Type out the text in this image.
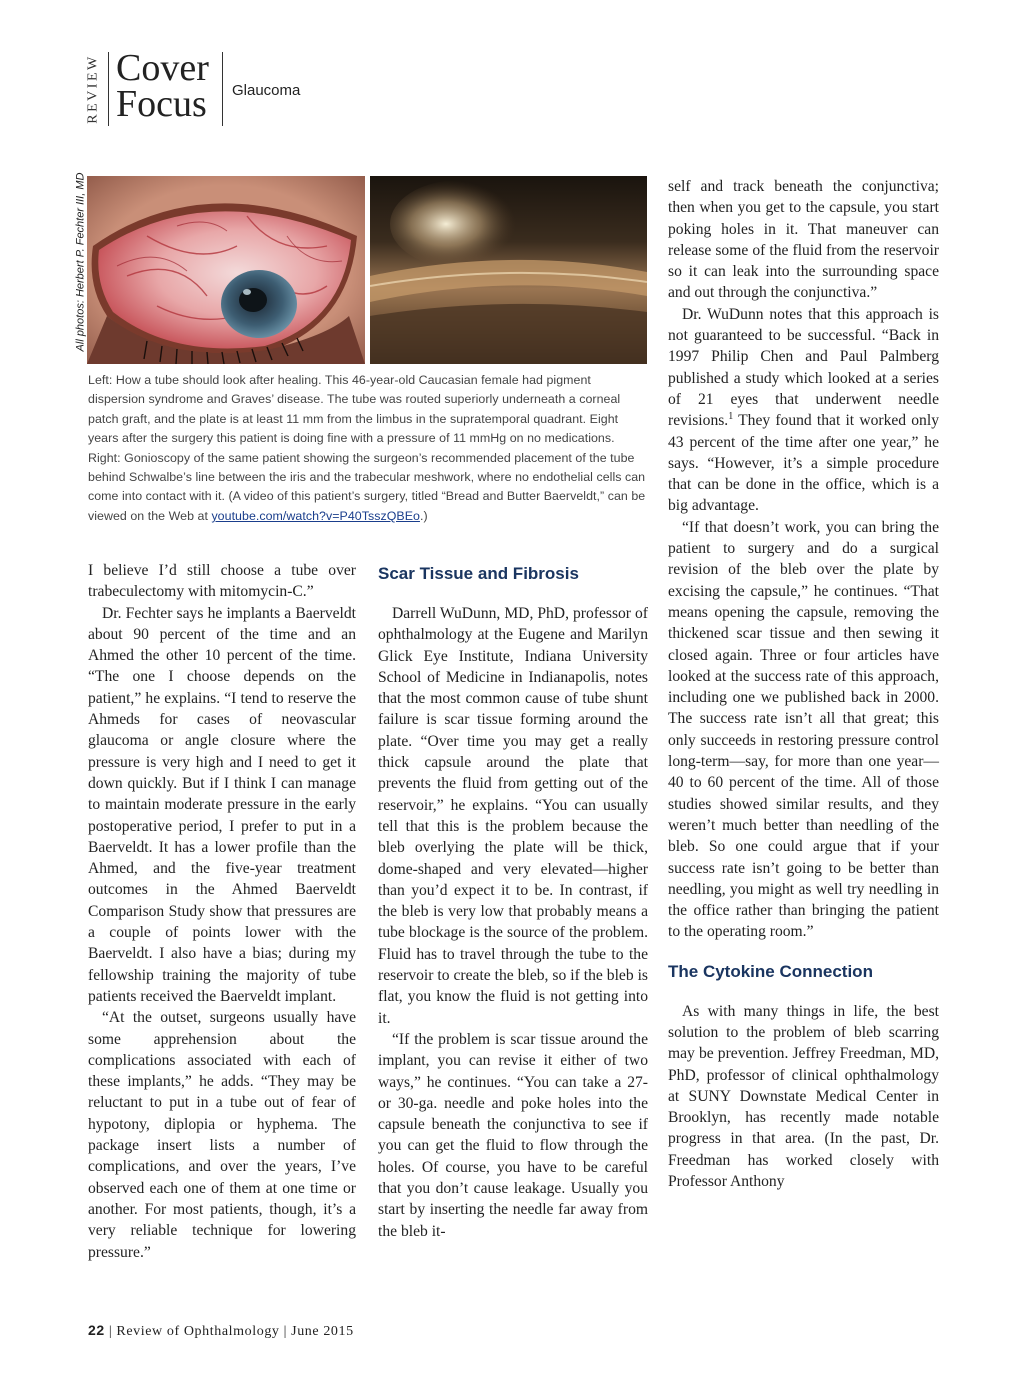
REVIEW Cover
Focus Glaucoma
All photos: Herbert P. Fechter III, MD
Left: How a tube should look after healing. This 46-year-old Caucasian female had pigment dispersion syndrome and Graves’ disease. The tube was routed superiorly underneath a corneal patch graft, and the plate is at least 11 mm from the limbus in the supratemporal quadrant. Eight years after the surgery this patient is doing fine with a pressure of 11 mmHg on no medications. Right: Gonioscopy of the same patient showing the surgeon’s recommended placement of the tube behind Schwalbe’s line between the iris and the trabecular meshwork, where no endothelial cells can come into contact with it. (A video of this patient’s surgery, titled “Bread and Butter Baerveldt,” can be viewed on the Web at youtube.com/watch?v=P40TsszQBEo.)

I believe I’d still choose a tube over trabeculectomy with mitomycin-C.”

Dr. Fechter says he implants a Baerveldt about 90 percent of the time and an Ahmed the other 10 percent of the time. “The one I choose depends on the patient,” he explains. “I tend to reserve the Ahmeds for cases of neovascular glaucoma or angle closure where the pressure is very high and I need to get it down quickly. But if I think I can manage to maintain moderate pressure in the early postoperative period, I prefer to put in a Baerveldt. It has a lower profile than the Ahmed, and the five-year treatment outcomes in the Ahmed Baerveldt Comparison Study show that pressures are a couple of points lower with the Baerveldt. I also have a bias; during my fellowship training the majority of tube patients received the Baerveldt implant.

“At the outset, surgeons usually have some apprehension about the complications associated with each of these implants,” he adds. “They may be reluctant to put in a tube out of fear of hypotony, diplopia or hyphema. The package insert lists a number of complications, and over the years, I’ve observed each one of them at one time or another. For most patients, though, it’s a very reliable technique for lowering pressure.”

Scar Tissue and Fibrosis

Darrell WuDunn, MD, PhD, professor of ophthalmology at the Eugene and Marilyn Glick Eye Institute, Indiana University School of Medicine in Indianapolis, notes that the most common cause of tube shunt failure is scar tissue forming around the plate. “Over time you may get a really thick capsule around the plate that prevents the fluid from getting out of the reservoir,” he explains. “You can usually tell that this is the problem because the bleb overlying the plate will be thick, dome-shaped and very elevated—higher than you’d expect it to be. In contrast, if the bleb is very low that probably means a tube blockage is the source of the problem. Fluid has to travel through the tube to the reservoir to create the bleb, so if the bleb is flat, you know the fluid is not getting into it.

“If the problem is scar tissue around the implant, you can revise it either of two ways,” he continues. “You can take a 27- or 30-ga. needle and poke holes into the capsule beneath the conjunctiva to see if you can get the fluid to flow through the holes. Of course, you have to be careful that you don’t cause leakage. Usually you start by inserting the needle far away from the bleb it-

self and track beneath the conjunctiva; then when you get to the capsule, you start poking holes in it. That maneuver can release some of the fluid from the reservoir so it can leak into the surrounding space and out through the conjunctiva.”

Dr. WuDunn notes that this approach is not guaranteed to be successful. “Back in 1997 Philip Chen and Paul Palmberg published a study which looked at a series of 21 eyes that underwent needle revisions.$^1$ They found that it worked only 43 percent of the time after one year,” he says. “However, it’s a simple procedure that can be done in the office, which is a big advantage.

“If that doesn’t work, you can bring the patient to surgery and do a surgical revision of the bleb over the plate by excising the capsule,” he continues. “That means opening the capsule, removing the thickened scar tissue and then sewing it closed again. Three or four articles have looked at the success rate of this approach, including one we published back in 2000. The success rate isn’t all that great; this only succeeds in restoring pressure control long-term—say, for more than one year—40 to 60 percent of the time. All of those studies showed similar results, and they weren’t much better than needling of the bleb. So one could argue that if your success rate isn’t going to be better than needling, you might as well try needling in the office rather than bringing the patient to the operating room.”

The Cytokine Connection

As with many things in life, the best solution to the problem of bleb scarring may be prevention. Jeffrey Freedman, MD, PhD, professor of clinical ophthalmology at SUNY Downstate Medical Center in Brooklyn, has recently made notable progress in that area. (In the past, Dr. Freedman has worked closely with Professor Anthony

22 | Review of Ophthalmology | June 2015
